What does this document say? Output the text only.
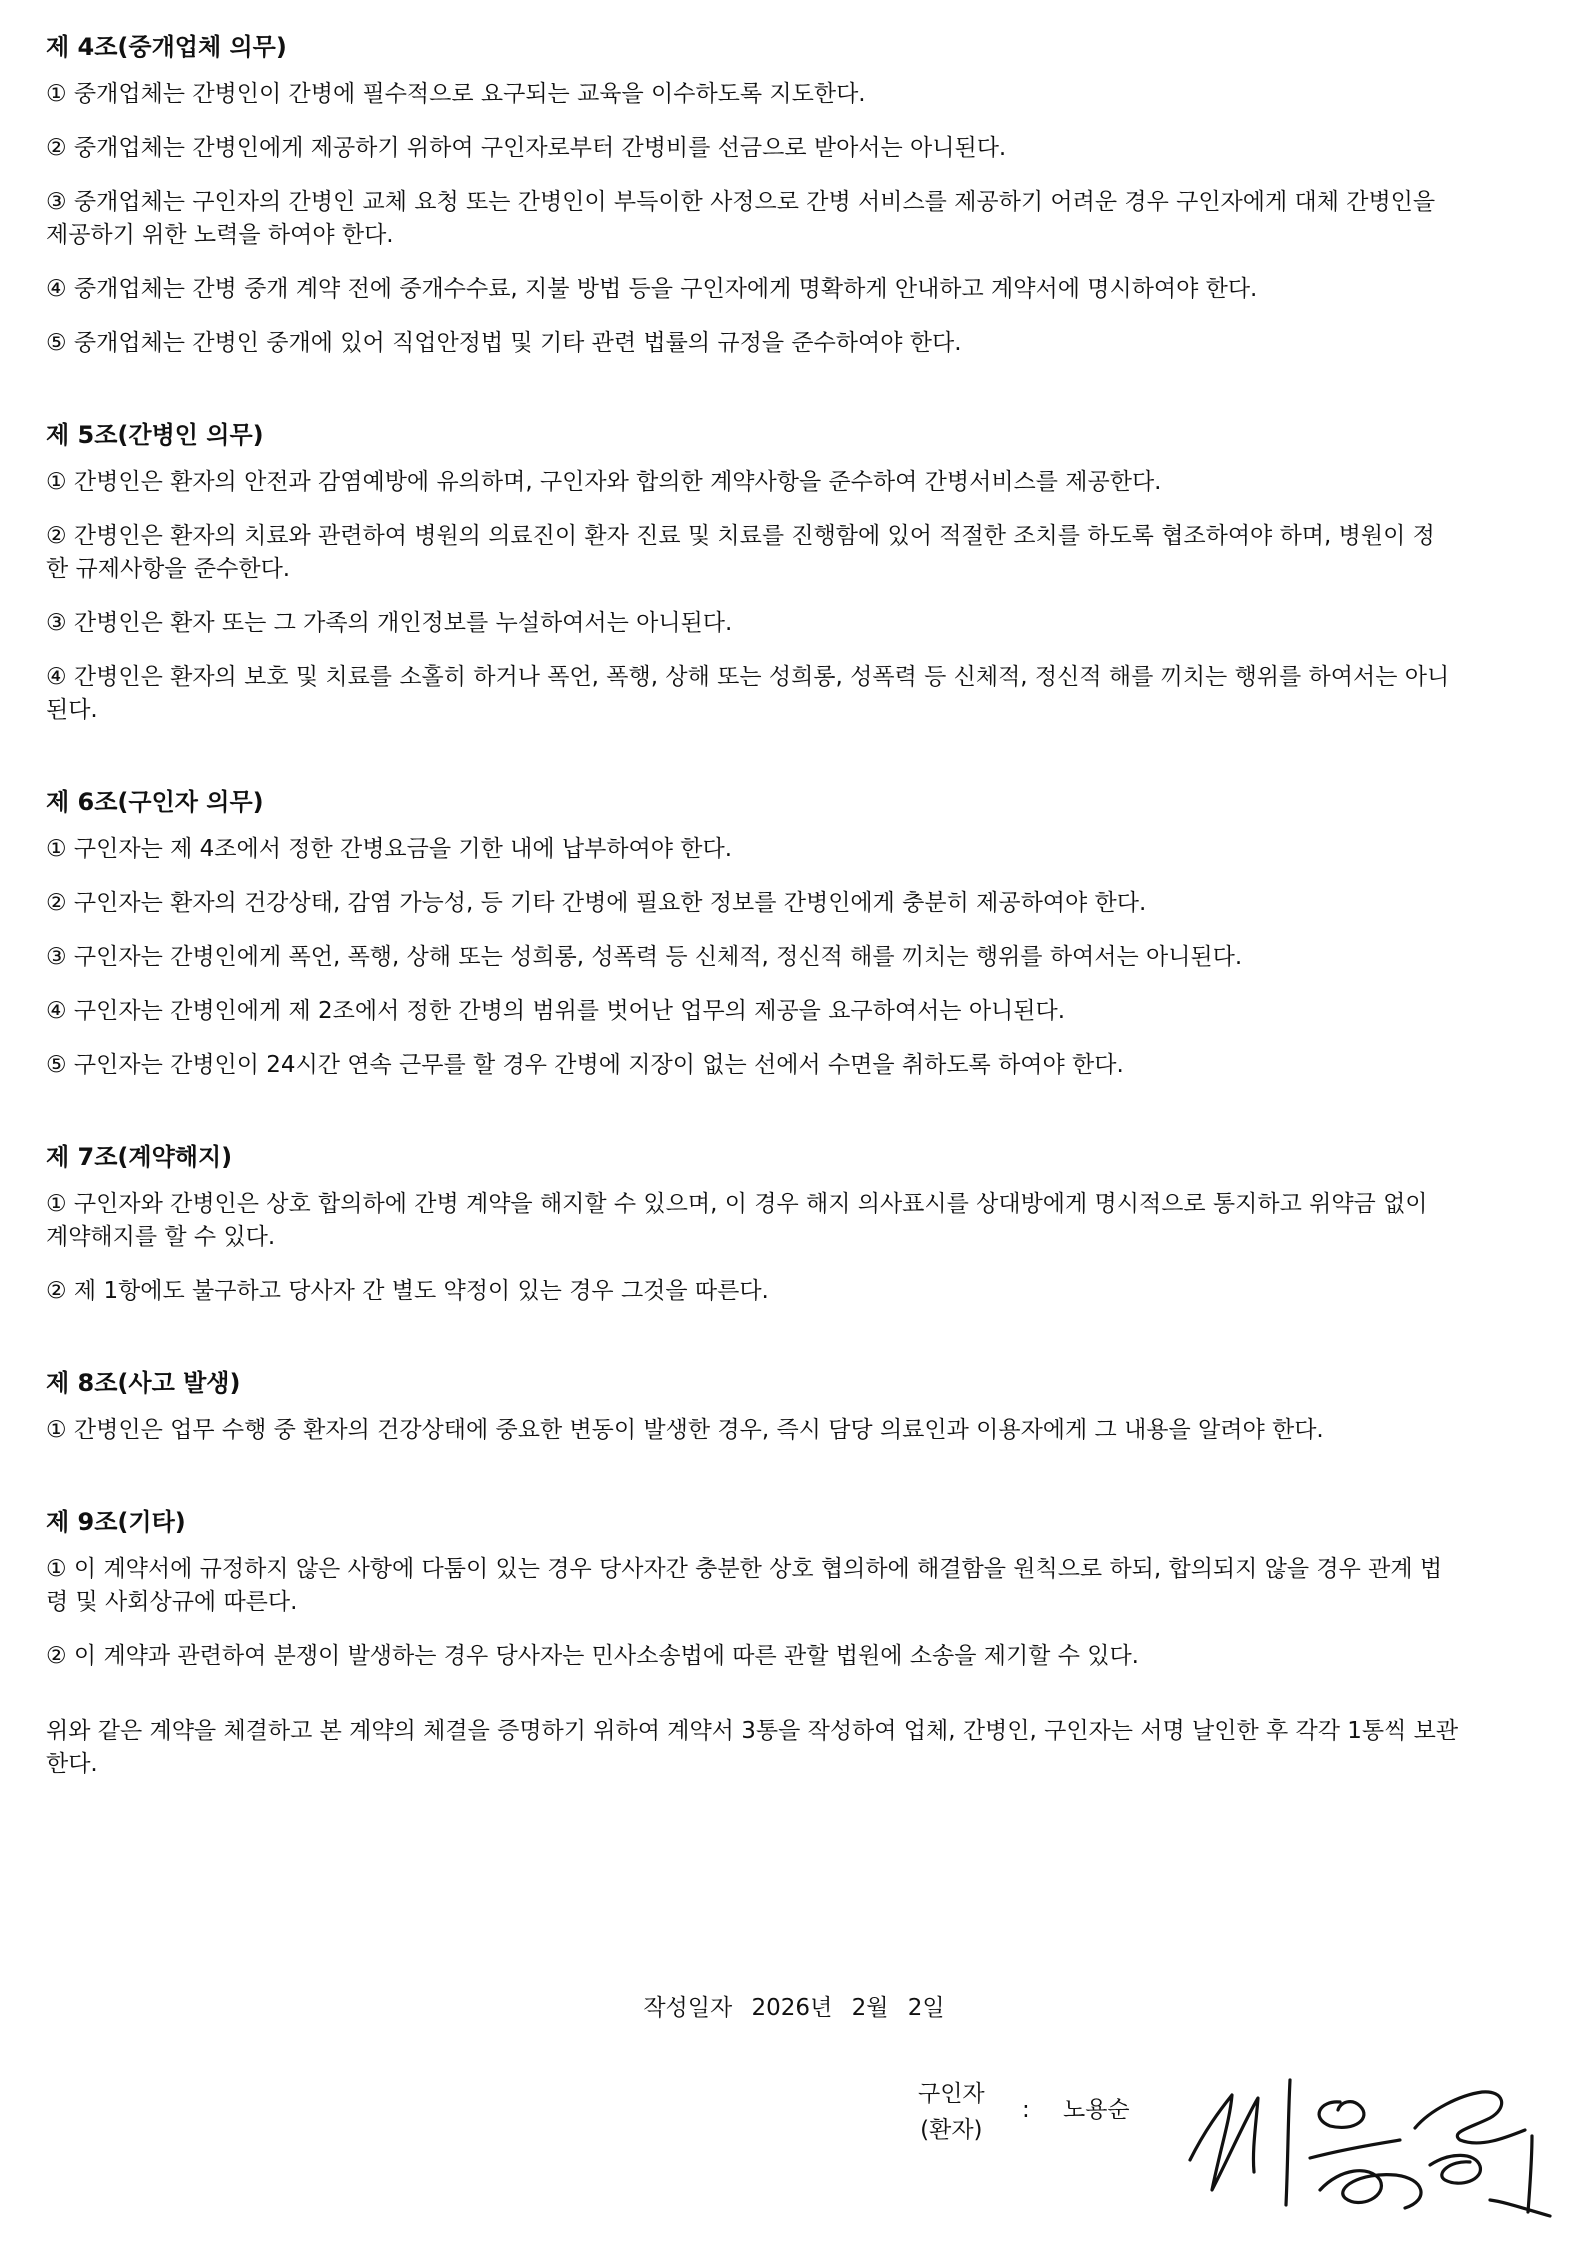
제 4조(중개업체 의무)
① 중개업체는 간병인이 간병에 필수적으로 요구되는 교육을 이수하도록 지도한다.
② 중개업체는 간병인에게 제공하기 위하여 구인자로부터 간병비를 선금으로 받아서는 아니된다.
③ 중개업체는 구인자의 간병인 교체 요청 또는 간병인이 부득이한 사정으로 간병 서비스를 제공하기 어려운 경우 구인자에게 대체 간병인을
제공하기 위한 노력을 하여야 한다.
④ 중개업체는 간병 중개 계약 전에 중개수수료, 지불 방법 등을 구인자에게 명확하게 안내하고 계약서에 명시하여야 한다.
⑤ 중개업체는 간병인 중개에 있어 직업안정법 및 기타 관련 법률의 규정을 준수하여야 한다.
제 5조(간병인 의무)
① 간병인은 환자의 안전과 감염예방에 유의하며, 구인자와 합의한 계약사항을 준수하여 간병서비스를 제공한다.
② 간병인은 환자의 치료와 관련하여 병원의 의료진이 환자 진료 및 치료를 진행함에 있어 적절한 조치를 하도록 협조하여야 하며, 병원이 정
한 규제사항을 준수한다.
③ 간병인은 환자 또는 그 가족의 개인정보를 누설하여서는 아니된다.
④ 간병인은 환자의 보호 및 치료를 소홀히 하거나 폭언, 폭행, 상해 또는 성희롱, 성폭력 등 신체적, 정신적 해를 끼치는 행위를 하여서는 아니
된다.
제 6조(구인자 의무)
① 구인자는 제 4조에서 정한 간병요금을 기한 내에 납부하여야 한다.
② 구인자는 환자의 건강상태, 감염 가능성, 등 기타 간병에 필요한 정보를 간병인에게 충분히 제공하여야 한다.
③ 구인자는 간병인에게 폭언, 폭행, 상해 또는 성희롱, 성폭력 등 신체적, 정신적 해를 끼치는 행위를 하여서는 아니된다.
④ 구인자는 간병인에게 제 2조에서 정한 간병의 범위를 벗어난 업무의 제공을 요구하여서는 아니된다.
⑤ 구인자는 간병인이 24시간 연속 근무를 할 경우 간병에 지장이 없는 선에서 수면을 취하도록 하여야 한다.
제 7조(계약해지)
① 구인자와 간병인은 상호 합의하에 간병 계약을 해지할 수 있으며, 이 경우 해지 의사표시를 상대방에게 명시적으로 통지하고 위약금 없이
계약해지를 할 수 있다.
② 제 1항에도 불구하고 당사자 간 별도 약정이 있는 경우 그것을 따른다.
제 8조(사고 발생)
① 간병인은 업무 수행 중 환자의 건강상태에 중요한 변동이 발생한 경우, 즉시 담당 의료인과 이용자에게 그 내용을 알려야 한다.
제 9조(기타)
① 이 계약서에 규정하지 않은 사항에 다툼이 있는 경우 당사자간 충분한 상호 협의하에 해결함을 원칙으로 하되, 합의되지 않을 경우 관계 법
령 및 사회상규에 따른다.
② 이 계약과 관련하여 분쟁이 발생하는 경우 당사자는 민사소송법에 따른 관할 법원에 소송을 제기할 수 있다.
위와 같은 계약을 체결하고 본 계약의 체결을 증명하기 위하여 계약서 3통을 작성하여 업체, 간병인, 구인자는 서명 날인한 후 각각 1통씩 보관
한다.
작성일자 2026년 2월 2일
구인자
(환자)
: 노용순
